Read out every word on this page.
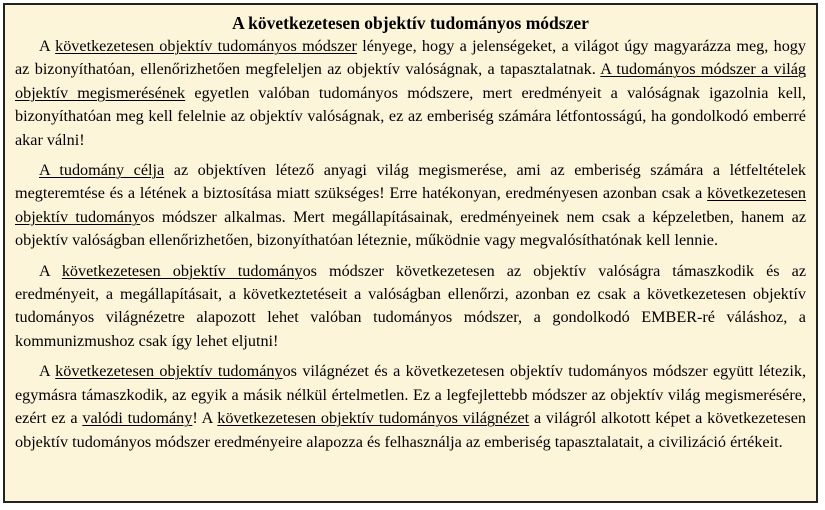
A következetesen objektív tudományos módszer

A következetesen objektív tudományos módszer lényege, hogy a jelenségeket, a világot úgy magyarázza meg, hogy az bizonyíthatóan, ellenőrizhetően megfeleljen az objektív valóságnak, a tapasztalatnak. A tudományos módszer a világ objektív megismerésének egyetlen valóban tudományos módszere, mert eredményeit a valóságnak igazolnia kell, bizonyíthatóan meg kell felelnie az objektív valóságnak, ez az emberiség számára létfontosságú, ha gondolkodó emberré akar válni!

A tudomány célja az objektíven létező anyagi világ megismerése, ami az emberiség számára a létfeltételek megteremtése és a létének a biztosítása miatt szükséges! Erre hatékonyan, eredményesen azonban csak a következetesen objektív tudományos módszer alkalmas. Mert megállapításainak, eredményeinek nem csak a képzeletben, hanem az objektív valóságban ellenőrizhetően, bizonyíthatóan léteznie, működnie vagy megvalósíthatónak kell lennie.

A következetesen objektív tudományos módszer következetesen az objektív valóságra támaszkodik és az eredményeit, a megállapításait, a következtetéseit a valóságban ellenőrzi, azonban ez csak a következetesen objektív tudományos világnézetre alapozott lehet valóban tudományos módszer, a gondolkodó EMBER-ré váláshoz, a kommunizmushoz csak így lehet eljutni!

A következetesen objektív tudományos világnézet és a következetesen objektív tudományos módszer együtt létezik, egymásra támaszkodik, az egyik a másik nélkül értelmetlen. Ez a legfejlettebb módszer az objektív világ megismerésére, ezért ez a valódi tudomány! A következetesen objektív tudományos világnézet a világról alkotott képet a következetesen objektív tudományos módszer eredményeire alapozza és felhasználja az emberiség tapasztalatait, a civilizáció értékeit.
